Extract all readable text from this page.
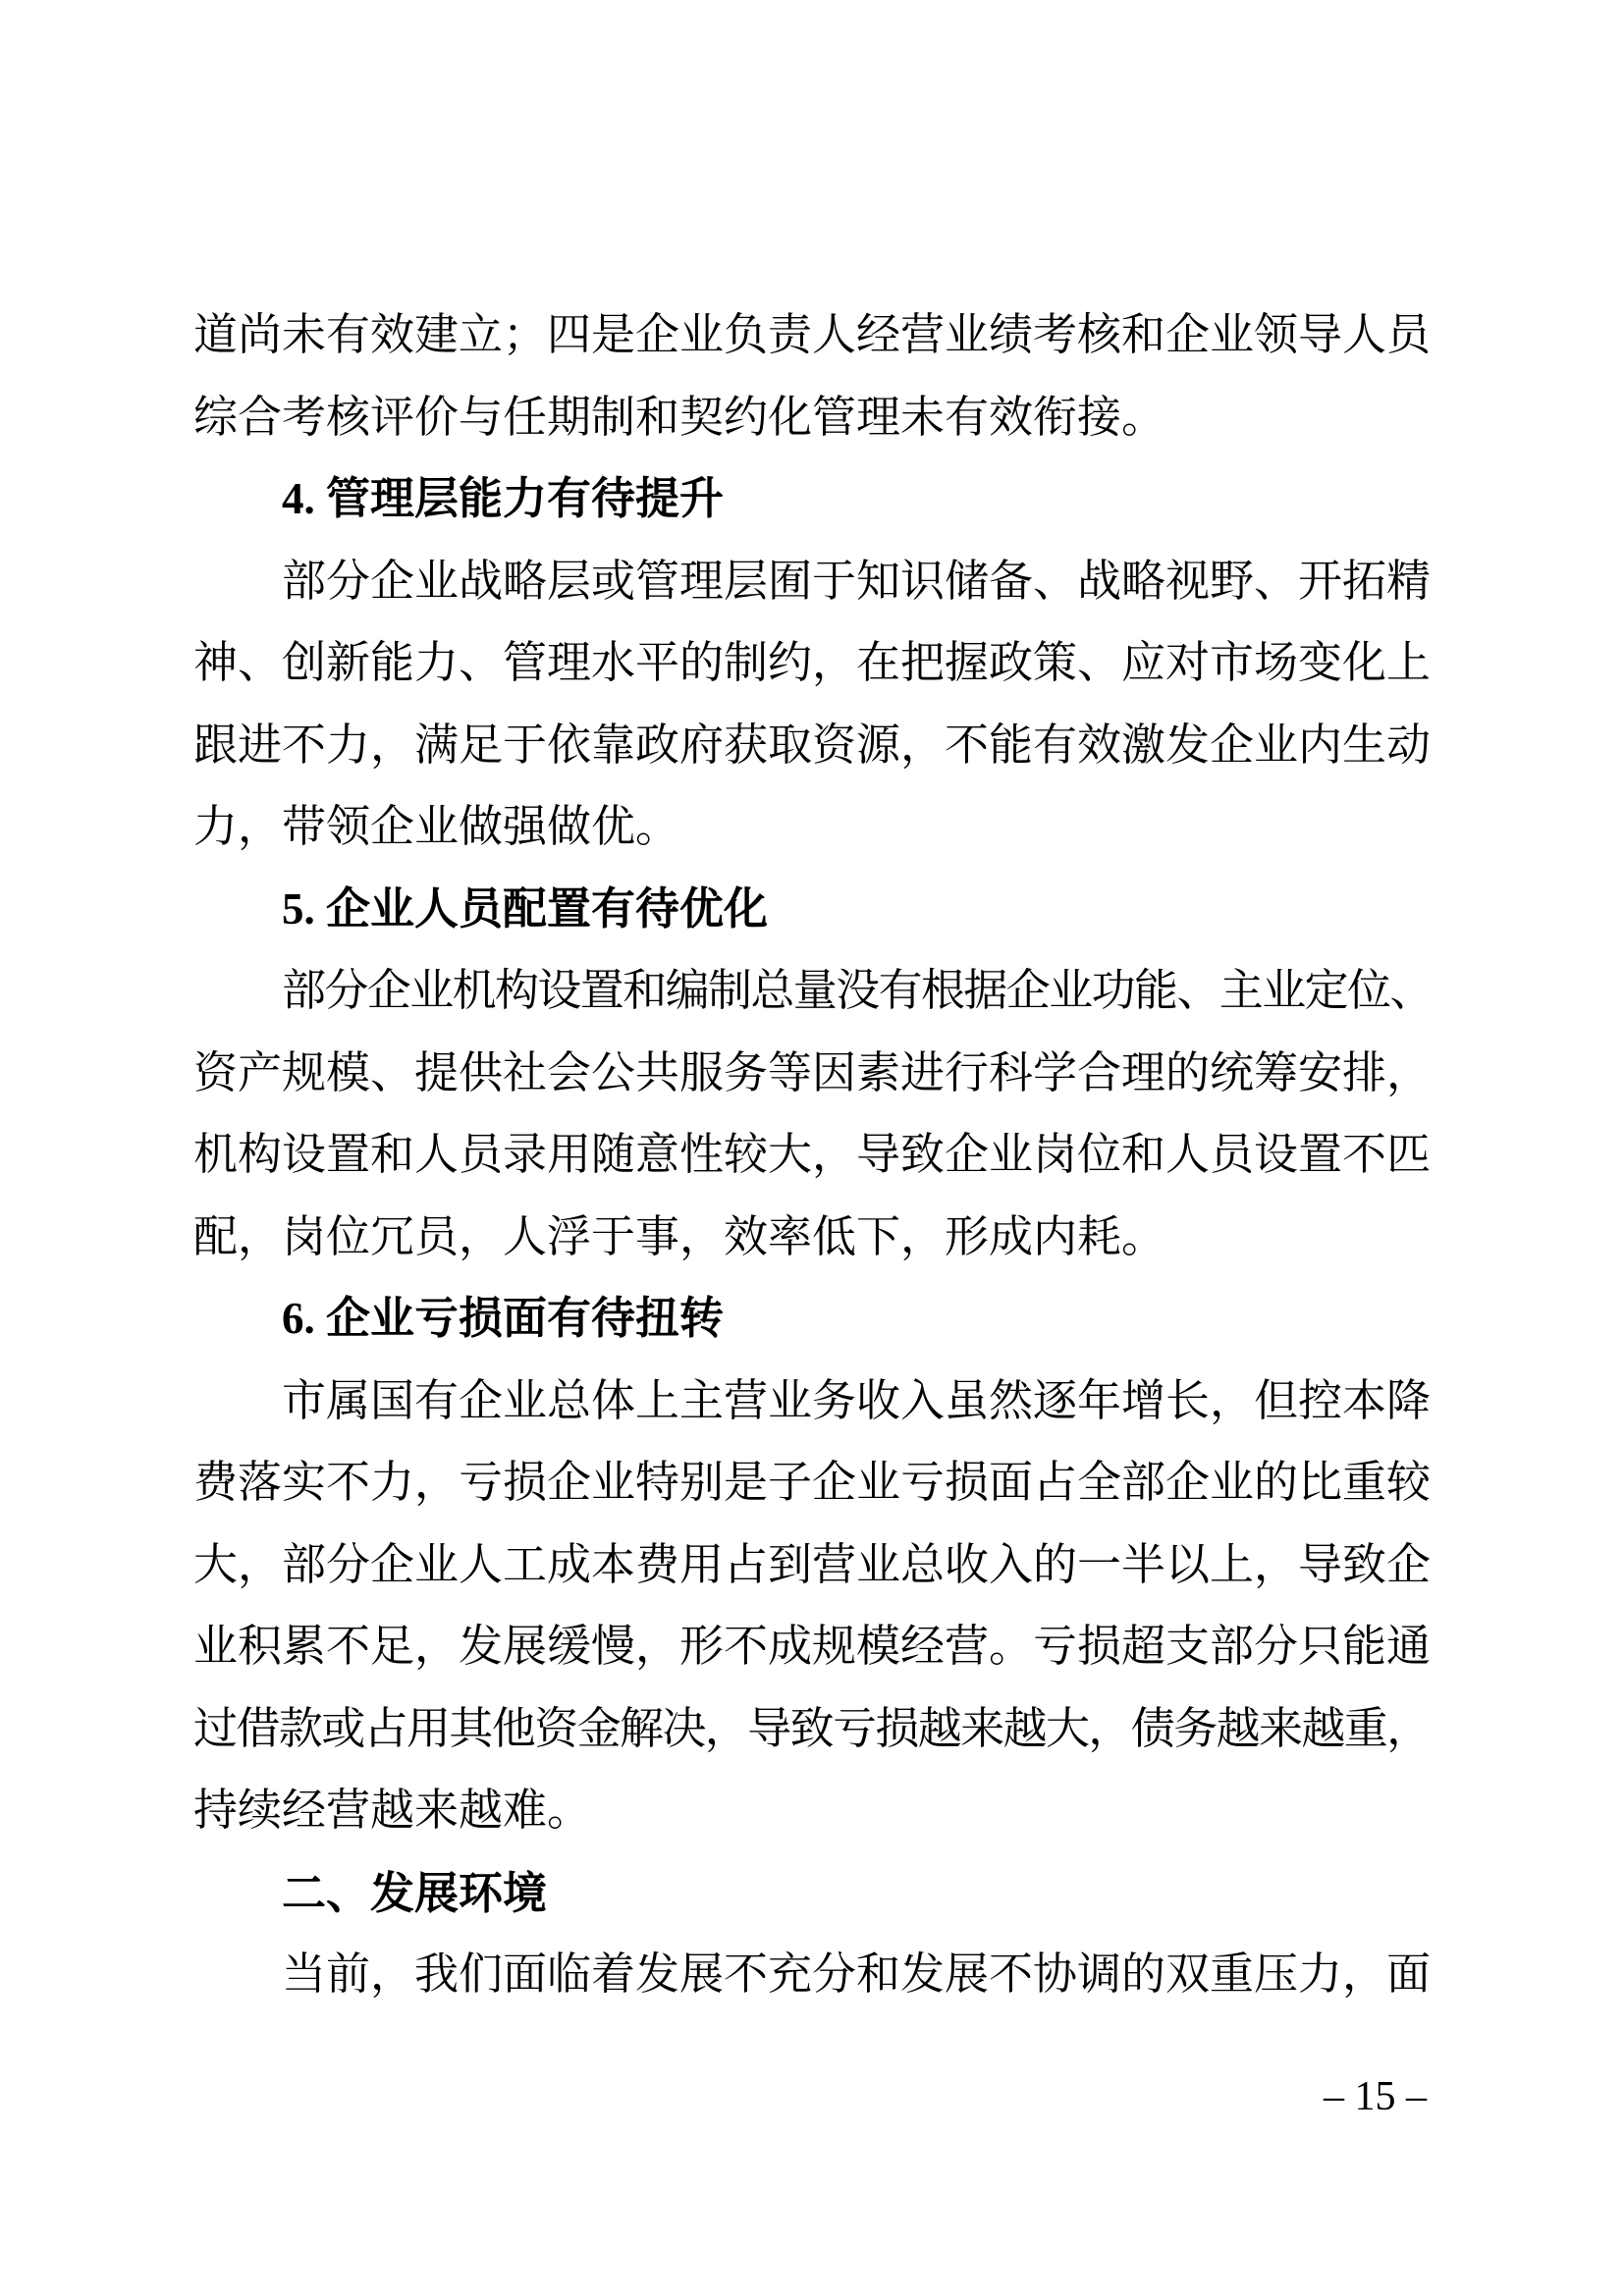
道尚未有效建立；四是企业负责人经营业绩考核和企业领导人员
综合考核评价与任期制和契约化管理未有效衔接。
4. 管理层能力有待提升
部分企业战略层或管理层囿于知识储备、战略视野、开拓精
神、创新能力、管理水平的制约，在把握政策、应对市场变化上
跟进不力，满足于依靠政府获取资源，不能有效激发企业内生动
力，带领企业做强做优。
5. 企业人员配置有待优化
部分企业机构设置和编制总量没有根据企业功能、主业定位、
资产规模、提供社会公共服务等因素进行科学合理的统筹安排，
机构设置和人员录用随意性较大，导致企业岗位和人员设置不匹
配，岗位冗员，人浮于事，效率低下，形成内耗。
6. 企业亏损面有待扭转
市属国有企业总体上主营业务收入虽然逐年增长，但控本降
费落实不力，亏损企业特别是子企业亏损面占全部企业的比重较
大，部分企业人工成本费用占到营业总收入的一半以上，导致企
业积累不足，发展缓慢，形不成规模经营。亏损超支部分只能通
过借款或占用其他资金解决，导致亏损越来越大，债务越来越重，
持续经营越来越难。
二、发展环境
当前，我们面临着发展不充分和发展不协调的双重压力，面
– 15 –
